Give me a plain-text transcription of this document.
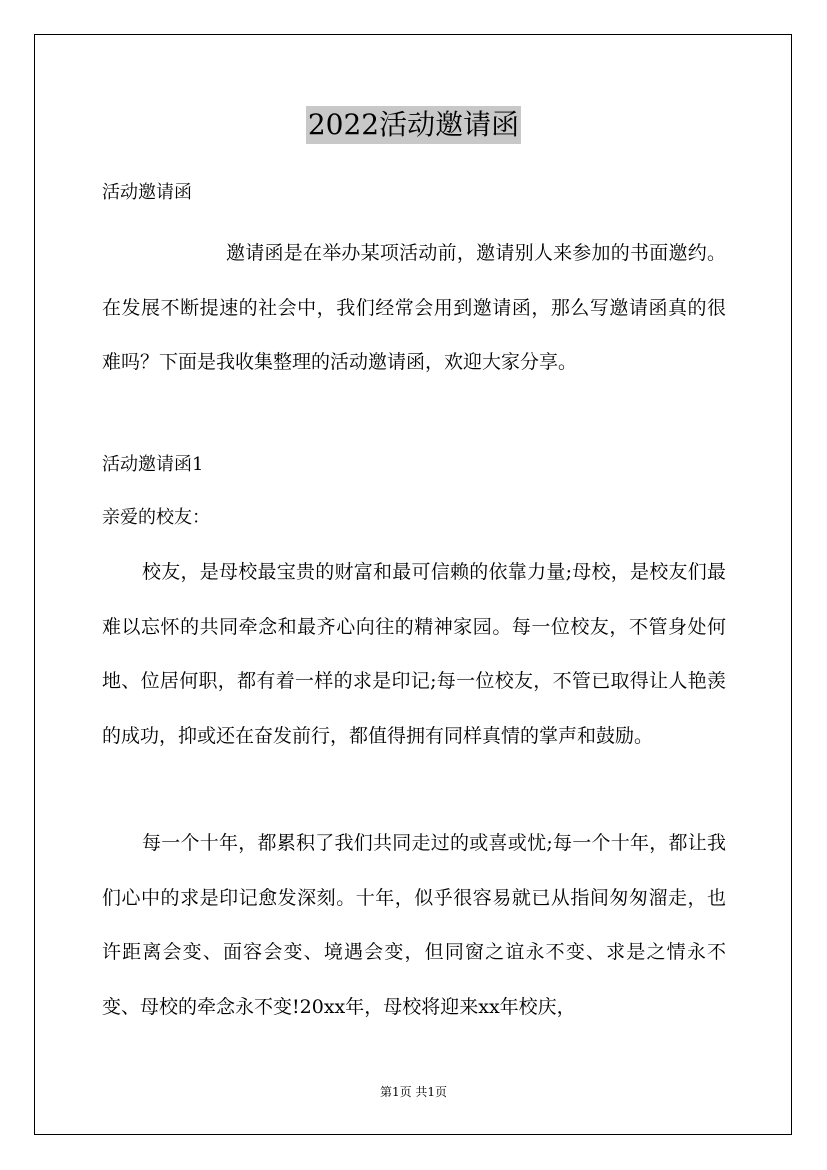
2022活动邀请函

活动邀请函

邀请函是在举办某项活动前，邀请别人来参加的书面邀约。在发展不断提速的社会中，我们经常会用到邀请函，那么写邀请函真的很难吗？下面是我收集整理的活动邀请函，欢迎大家分享。

活动邀请函1

亲爱的校友：

校友，是母校最宝贵的财富和最可信赖的依靠力量;母校，是校友们最难以忘怀的共同牵念和最齐心向往的精神家园。每一位校友，不管身处何地、位居何职，都有着一样的求是印记;每一位校友，不管已取得让人艳羡的成功，抑或还在奋发前行，都值得拥有同样真情的掌声和鼓励。

每一个十年，都累积了我们共同走过的或喜或忧;每一个十年，都让我们心中的求是印记愈发深刻。十年，似乎很容易就已从指间匆匆溜走，也许距离会变、面容会变、境遇会变，但同窗之谊永不变、求是之情永不变、母校的牵念永不变!20xx年，母校将迎来xx年校庆，

第1页 共1页
